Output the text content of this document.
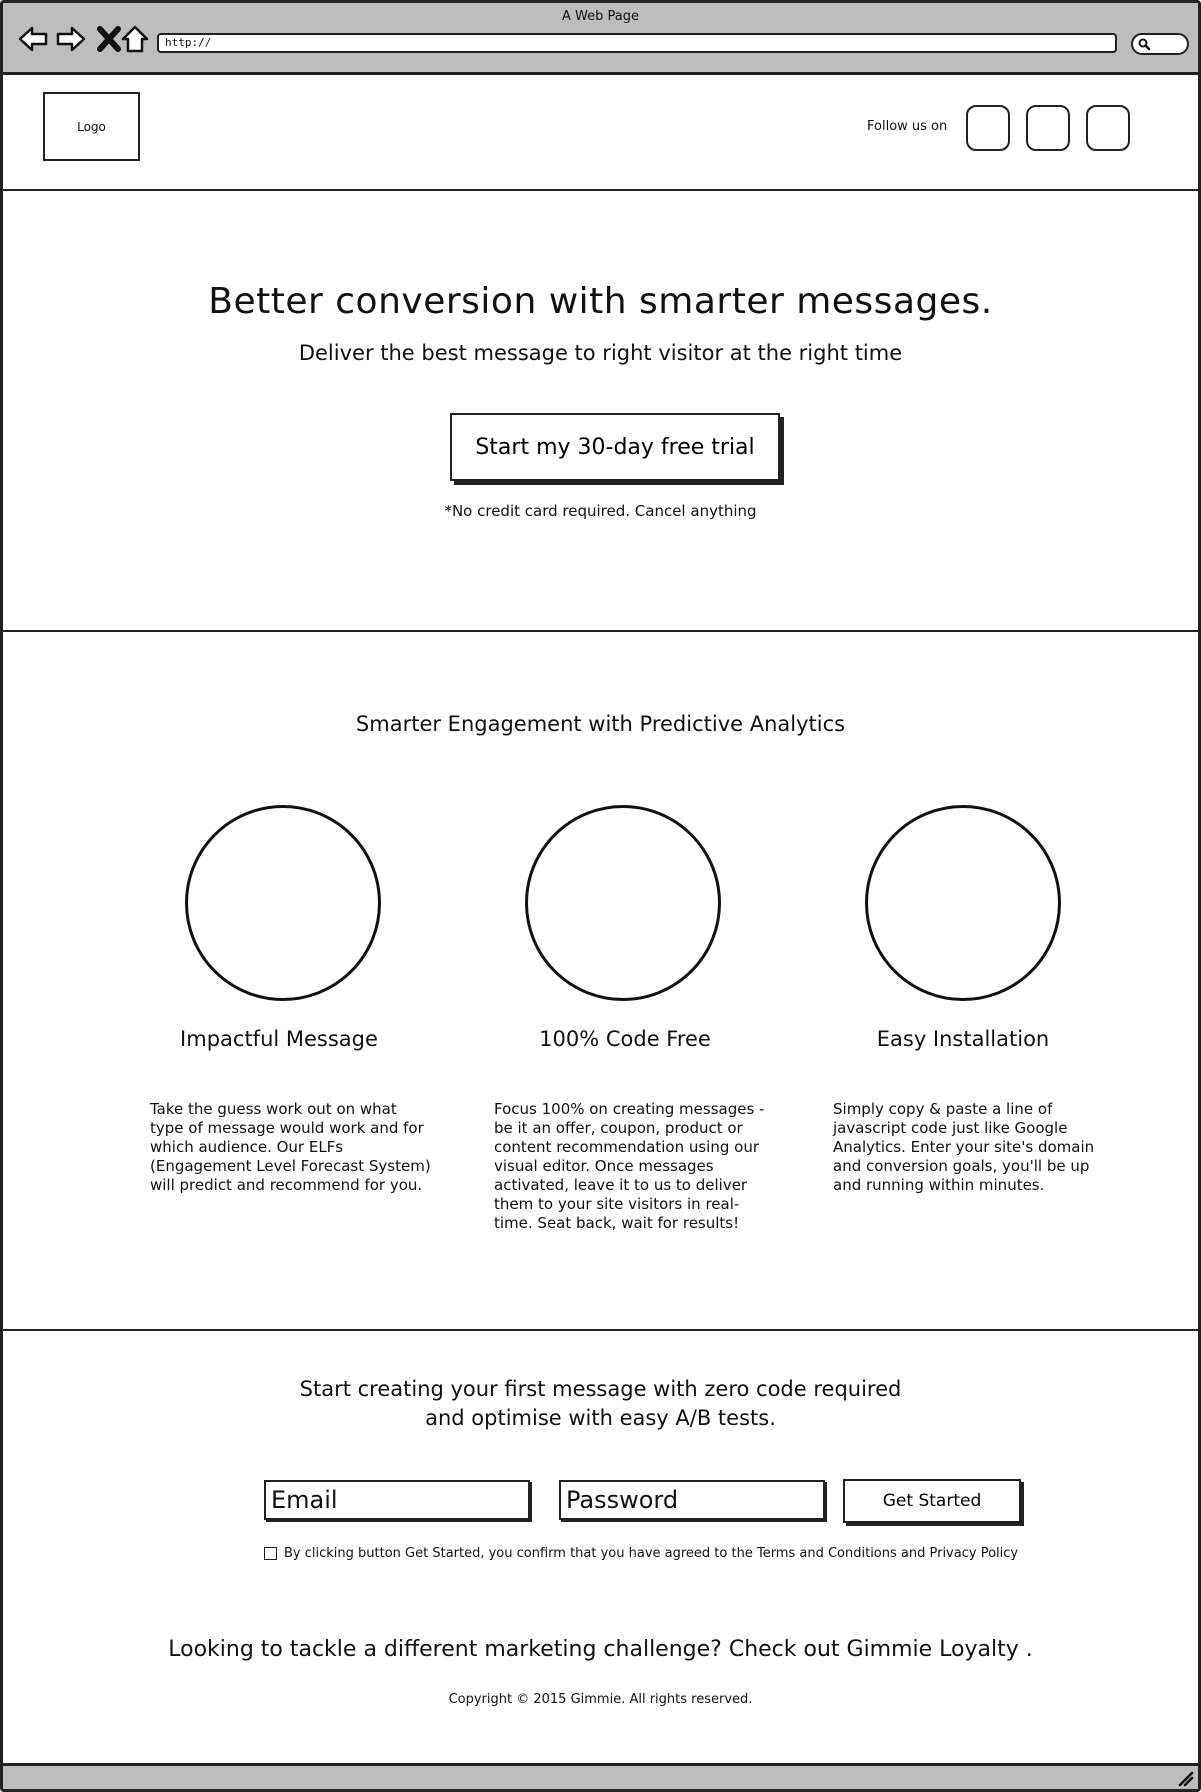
A Web Page
http://
Logo	Follow us on
Better conversion with smarter messages.
Deliver the best message to right visitor at the right time
Start my 30-day free trial
*No credit card required. Cancel anything
Smarter Engagement with Predictive Analytics
Impactful Message	100% Code Free	Easy Installation
Take the guess work out on what type of message would work and for which audience. Our ELFs (Engagement Level Forecast System) will predict and recommend for you.
Focus 100% on creating messages - be it an offer, coupon, product or content recommendation using our visual editor. Once messages activated, leave it to us to deliver them to your site visitors in real-time. Seat back, wait for results!
Simply copy & paste a line of javascript code just like Google Analytics. Enter your site's domain and conversion goals, you'll be up and running within minutes.
Start creating your first message with zero code required
and optimise with easy A/B tests.
Email
Get Started
By clicking button Get Started, you confirm that you have agreed to the Terms and Conditions and Privacy Policy
Looking to tackle a different marketing challenge? Check out Gimmie Loyalty .
Copyright © 2015 Gimmie. All rights reserved.
